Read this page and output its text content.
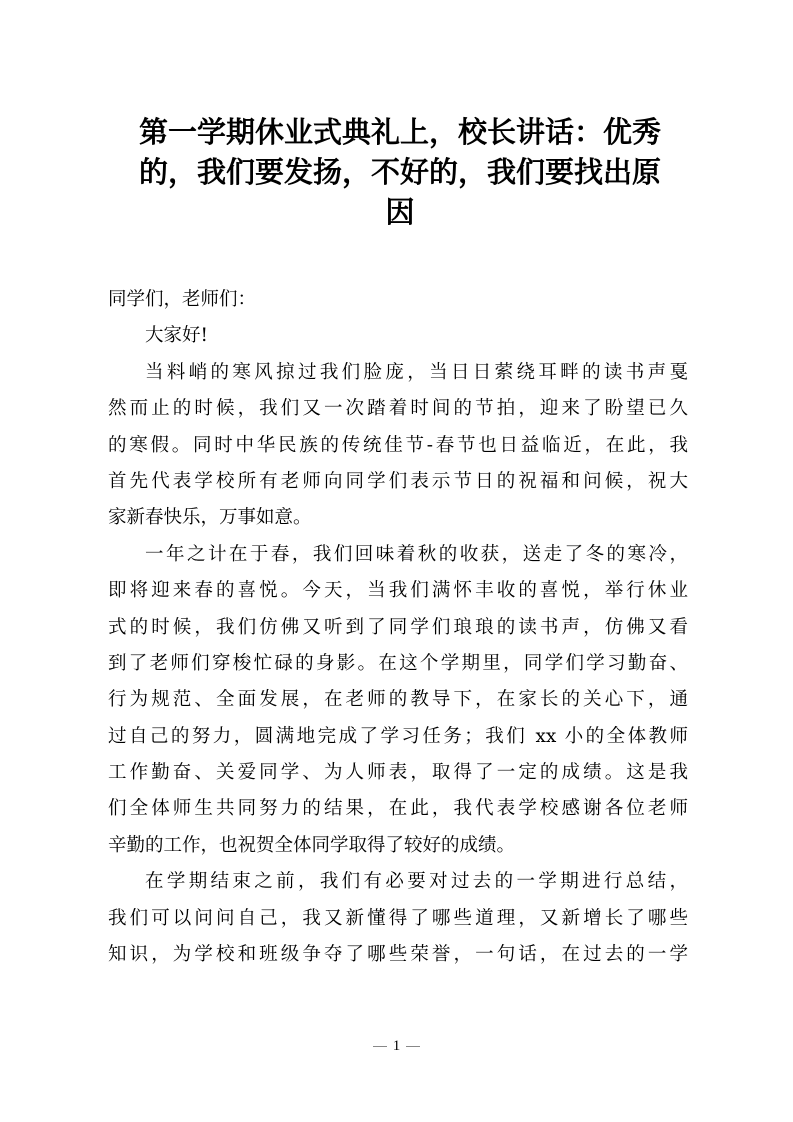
第一学期休业式典礼上，校长讲话：优秀
的，我们要发扬，不好的，我们要找出原
因
同学们，老师们：
大家好!
当料峭的寒风掠过我们脸庞，当日日萦绕耳畔的读书声戛
然而止的时候，我们又一次踏着时间的节拍，迎来了盼望已久
的寒假。同时中华民族的传统佳节-春节也日益临近，在此，我
首先代表学校所有老师向同学们表示节日的祝福和问候，祝大
家新春快乐，万事如意。
一年之计在于春，我们回味着秋的收获，送走了冬的寒冷，
即将迎来春的喜悦。今天，当我们满怀丰收的喜悦，举行休业
式的时候，我们仿佛又听到了同学们琅琅的读书声，仿佛又看
到了老师们穿梭忙碌的身影。在这个学期里，同学们学习勤奋、
行为规范、全面发展，在老师的教导下，在家长的关心下，通
过自己的努力，圆满地完成了学习任务；我们 xx 小的全体教师
工作勤奋、关爱同学、为人师表，取得了一定的成绩。这是我
们全体师生共同努力的结果，在此，我代表学校感谢各位老师
辛勤的工作，也祝贺全体同学取得了较好的成绩。
在学期结束之前，我们有必要对过去的一学期进行总结，
我们可以问问自己，我又新懂得了哪些道理，又新增长了哪些
知识，为学校和班级争夺了哪些荣誉，一句话，在过去的一学
1
